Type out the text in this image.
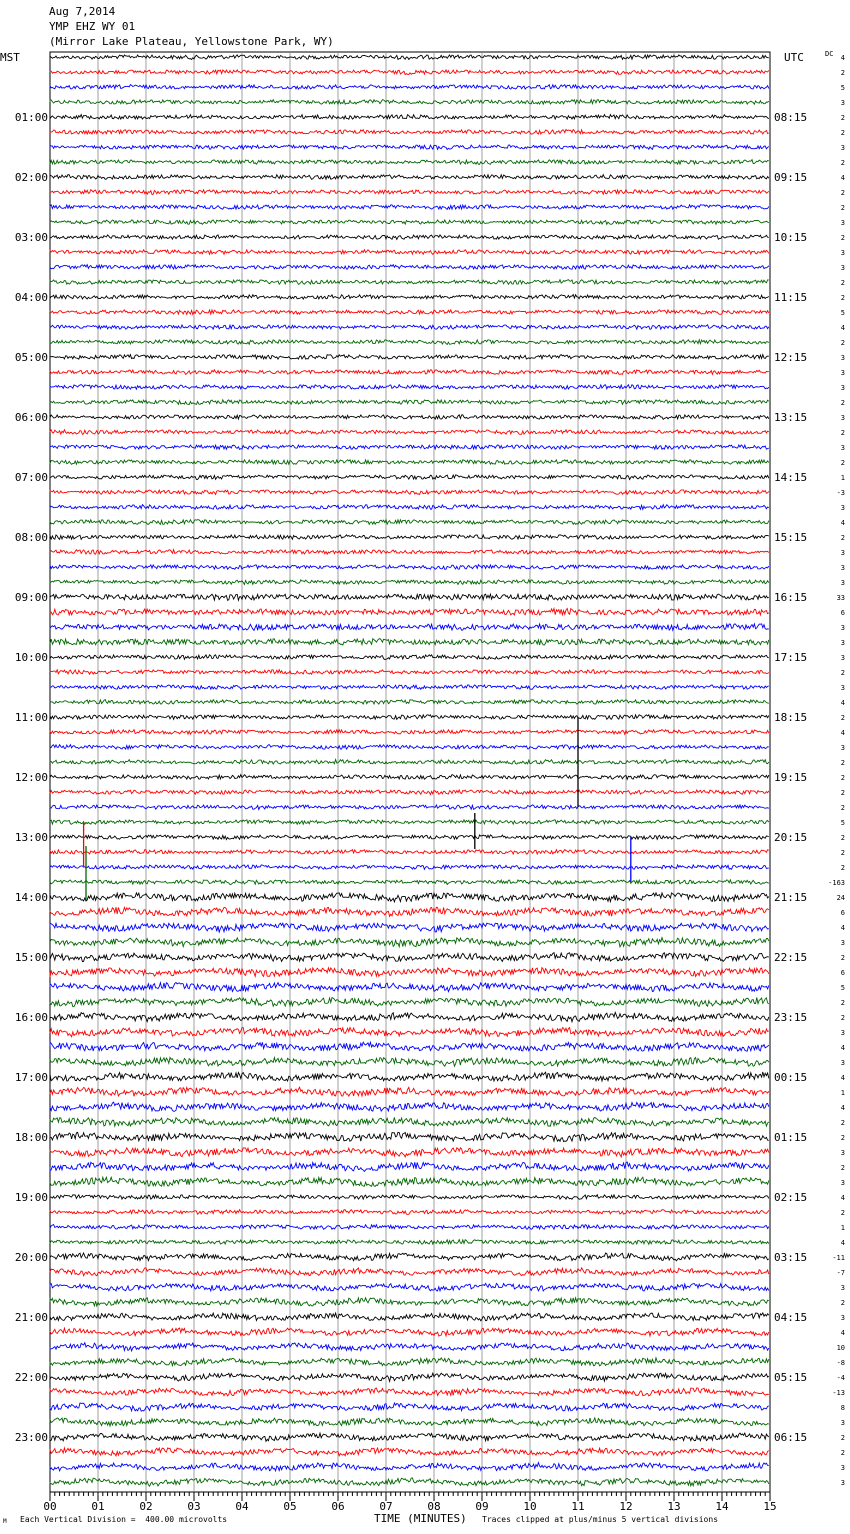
Aug 7,2014
YMP EHZ WY 01
(Mirror Lake Plateau, Yellowstone Park, WY)
MST	UTC	DC
00	01	02	03	04	05	06	07	08	09	10	11	12	13	14	15
01:00
02:00
03:00
04:00
05:00
06:00
07:00
08:00
09:00
10:00
11:00
12:00
13:00
14:00
15:00
16:00
17:00
18:00
19:00
20:00
21:00
22:00
23:00
08:15
09:15
10:15
11:15
12:15
13:15
14:15
15:15
16:15
17:15
18:15
19:15
20:15
21:15
22:15
23:15
00:15
01:15
02:15
03:15
04:15
05:15
06:15
4
2
5
3
2
2
3
2
4
2
2
3
2
3
3
2
2
5
4
2
3
3
3
2
3
2
3
2
1
-3
3
4
2
3
3
3
33
6
3
3
3
2
3
4
2
4
3
2
2
2
2
5
2
2
2
-163
24
6
4
3
2
6
5
2
2
3
4
3
4
1
4
2
2
3
2
3
4
2
1
4
-11
-7
3
2
3
4
10
-8
-4
-13
8
3
2
2
3
3
M Each Vertical Division =  400.00 microvolts	TIME (MINUTES) Traces clipped at plus/minus 5 vertical divisions
